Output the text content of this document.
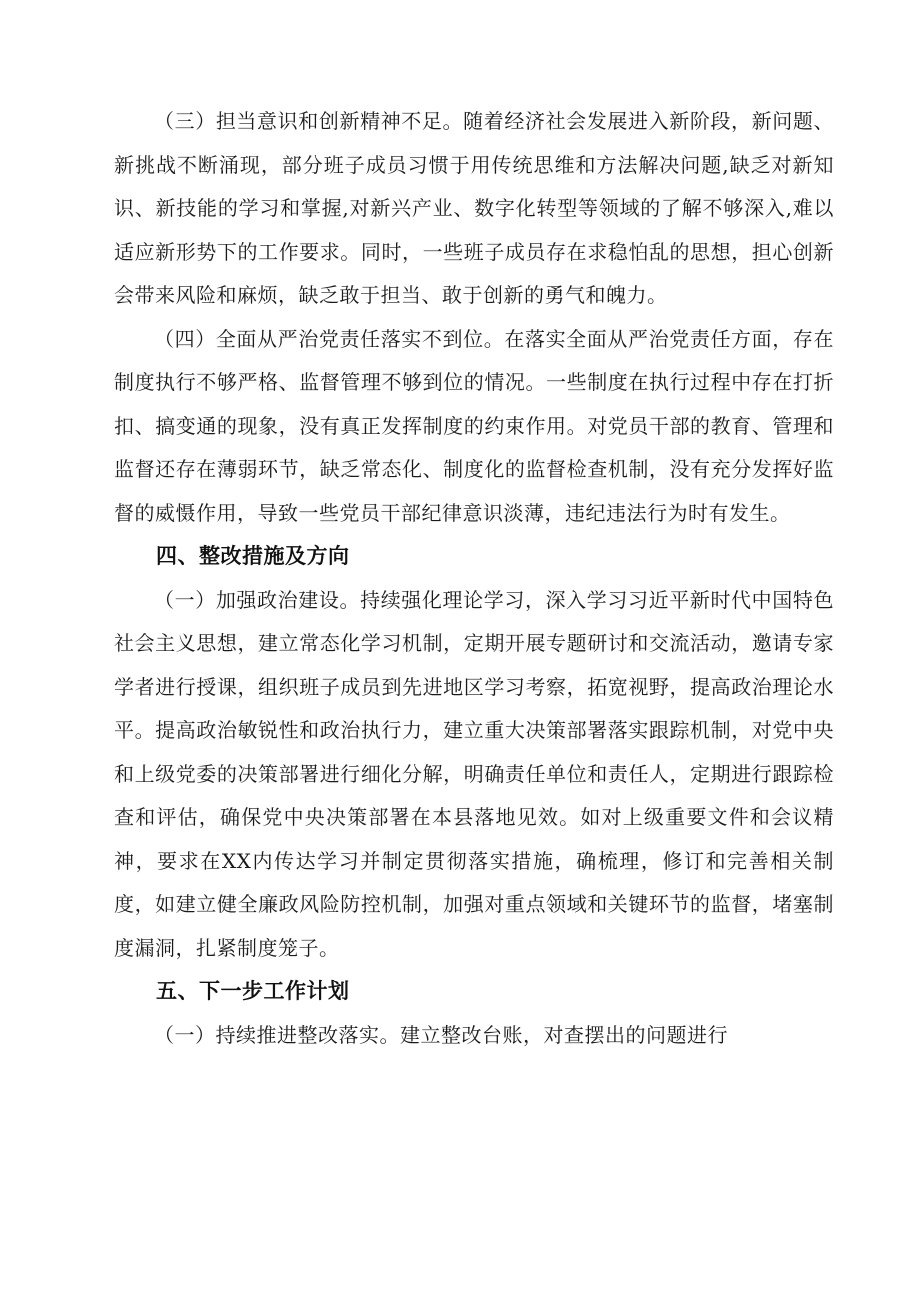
（三）担当意识和创新精神不足。随着经济社会发展进入新阶段，新问题、新挑战不断涌现，部分班子成员习惯于用传统思维和方法解决问题,缺乏对新知识、新技能的学习和掌握,对新兴产业、数字化转型等领域的了解不够深入,难以适应新形势下的工作要求。同时，一些班子成员存在求稳怕乱的思想，担心创新会带来风险和麻烦，缺乏敢于担当、敢于创新的勇气和魄力。

（四）全面从严治党责任落实不到位。在落实全面从严治党责任方面，存在制度执行不够严格、监督管理不够到位的情况。一些制度在执行过程中存在打折扣、搞变通的现象，没有真正发挥制度的约束作用。对党员干部的教育、管理和监督还存在薄弱环节，缺乏常态化、制度化的监督检查机制，没有充分发挥好监督的威慑作用，导致一些党员干部纪律意识淡薄，违纪违法行为时有发生。

四、整改措施及方向

（一）加强政治建设。持续强化理论学习，深入学习习近平新时代中国特色社会主义思想，建立常态化学习机制，定期开展专题研讨和交流活动，邀请专家学者进行授课，组织班子成员到先进地区学习考察，拓宽视野，提高政治理论水平。提高政治敏锐性和政治执行力，建立重大决策部署落实跟踪机制，对党中央和上级党委的决策部署进行细化分解，明确责任单位和责任人，定期进行跟踪检查和评估，确保党中央决策部署在本县落地见效。如对上级重要文件和会议精神，要求在XX内传达学习并制定贯彻落实措施，确梳理，修订和完善相关制度，如建立健全廉政风险防控机制，加强对重点领域和关键环节的监督，堵塞制度漏洞，扎紧制度笼子。

五、下一步工作计划

（一）持续推进整改落实。建立整改台账，对查摆出的问题进行
